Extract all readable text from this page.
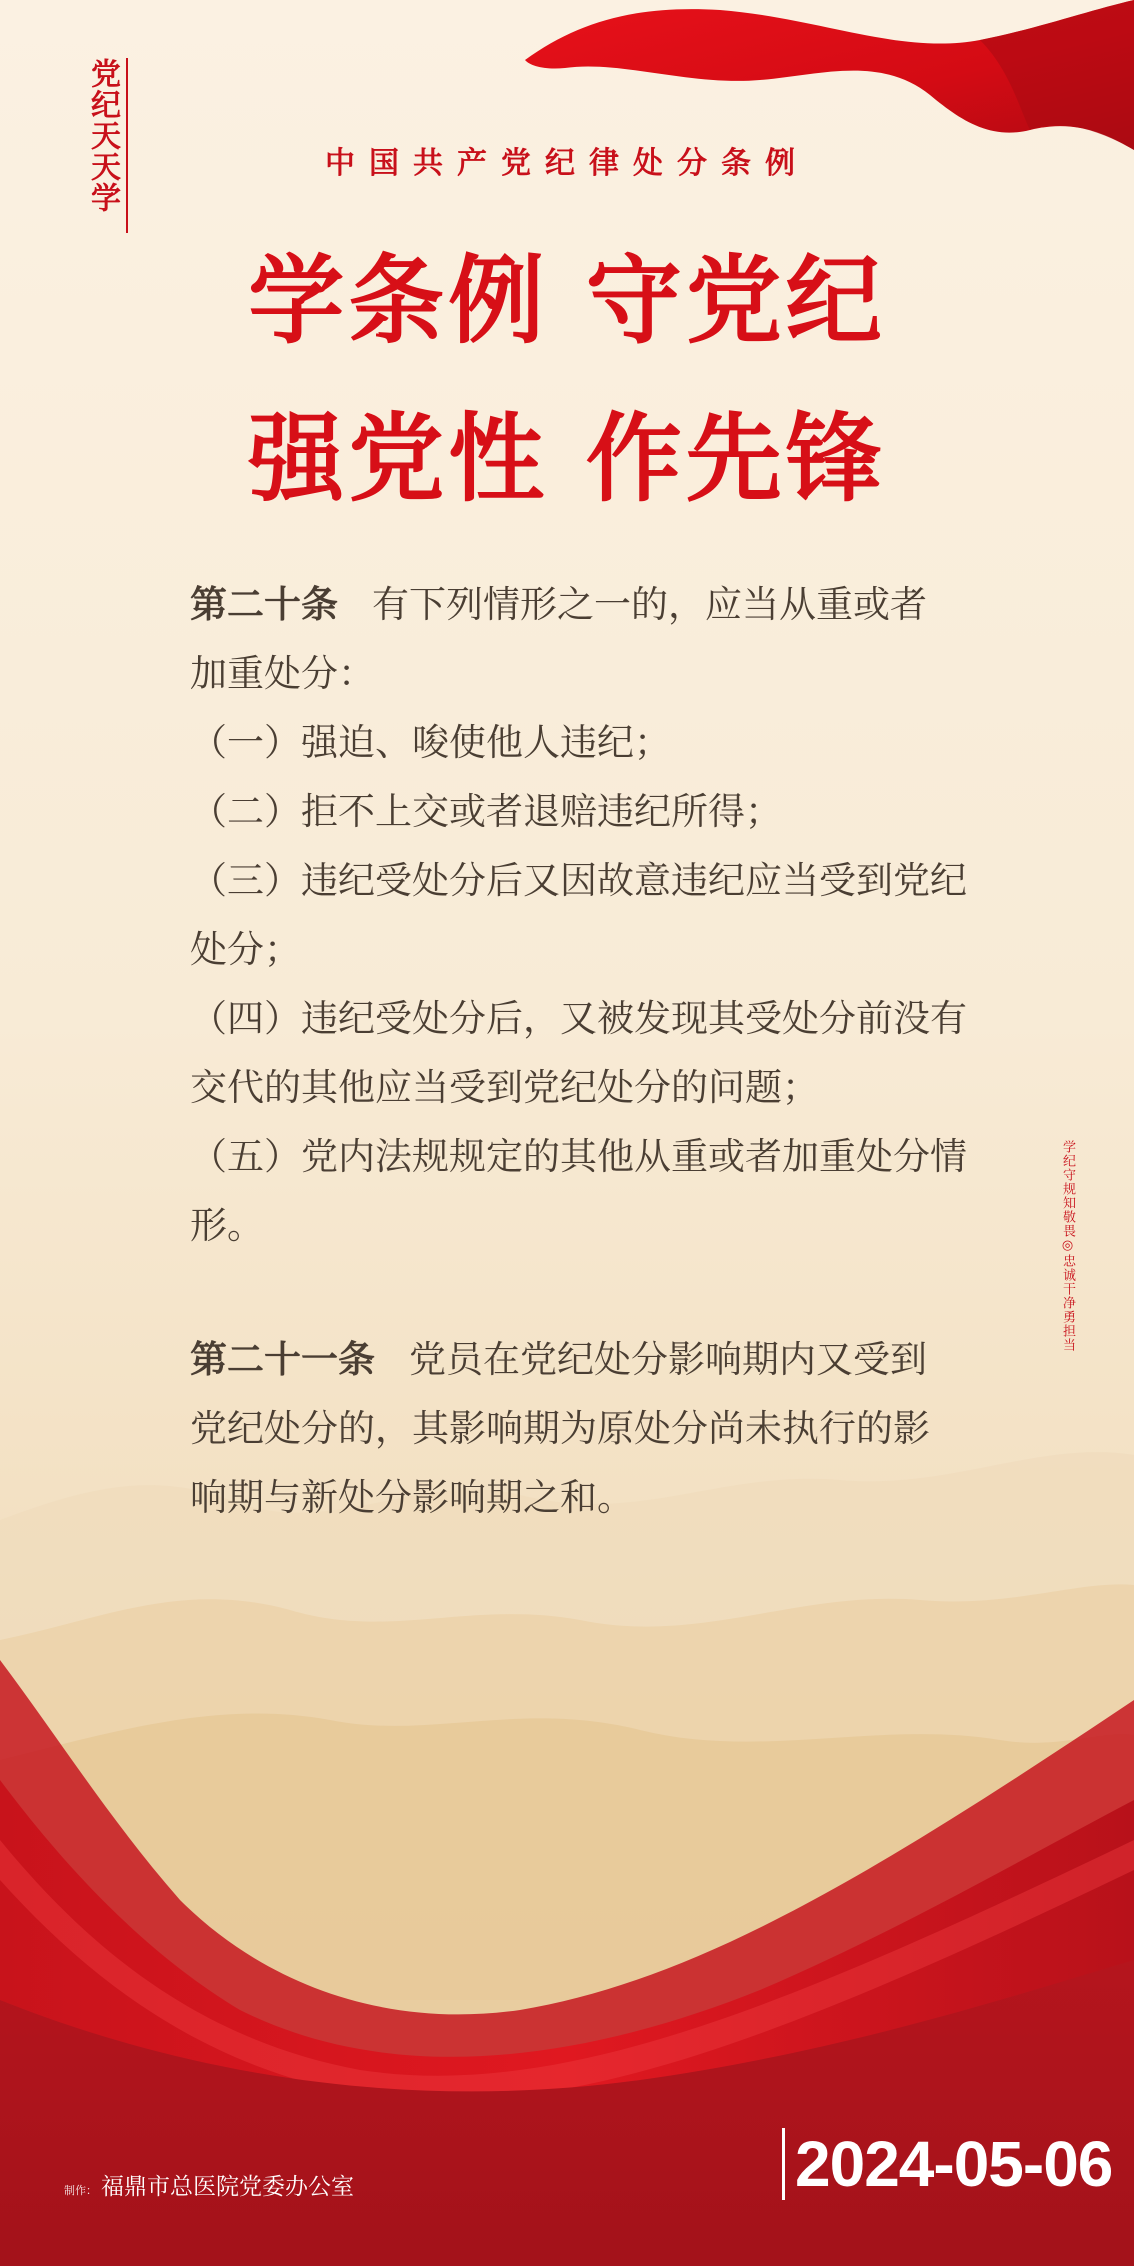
党纪天天学	中国共产党纪律处分条例
学条例 守党纪
强党性 作先锋
第二十条 有下列情形之一的，应当从重或者
加重处分：
（一）强迫、唆使他人违纪；
（二）拒不上交或者退赔违纪所得；
（三）违纪受处分后又因故意违纪应当受到党纪
处分；
（四）违纪受处分后，又被发现其受处分前没有
交代的其他应当受到党纪处分的问题；
（五）党内法规规定的其他从重或者加重处分情
形。
第二十一条 党员在党纪处分影响期内又受到
党纪处分的，其影响期为原处分尚未执行的影
响期与新处分影响期之和。
学纪守规知敬畏◎忠诚干净勇担当
制作： 福鼎市总医院党委办公室	2024-05-06
